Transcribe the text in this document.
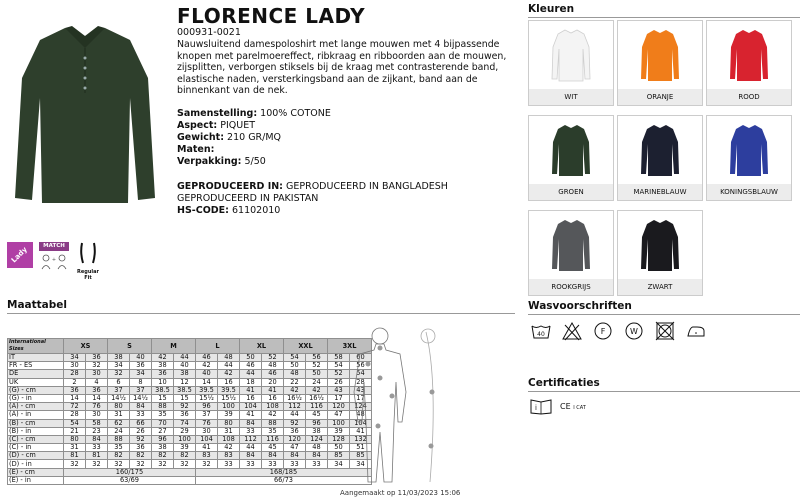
FLORENCE LADY
000931-0021
Nauwsluitend damespoloshirt met lange mouwen met 4 bijpassende knopen met parelmoereffect, ribkraag en ribboorden aan de mouwen, zijsplitten, verborgen stiksels bij de kraag met contrasterende band, elastische naden, versterkingsband aan de zijkant, band aan de binnenkant van de nek.
Samenstelling: 100% COTONE
Aspect: PIQUET
Gewicht: 210 GR/MQ
Maten:
Verpakking: 5/50
GEPRODUCEERD IN: GEPRODUCEERD IN BANGLADESH GEPRODUCEERD IN PAKISTAN
HS-CODE: 61102010
Lady	MATCH
+
Regular Fit
Kleuren
WIT	ORANJE	ROOD
GROEN	MARINEBLAUW	KONINGSBLAUW
ROOKGRIJS	ZWART
Maattabel
International Sizes	XS		S		M		L		XL		XXL		3XL	
IT	34	36	38	40	42	44	46	48	50	52	54	56	58	60
FR - ES	30	32	34	36	38	40	42	44	46	48	50	52	54	56
DE	28	30	32	34	36	38	40	42	44	46	48	50	52	54
UK	2	4	6	8	10	12	14	16	18	20	22	24	26	28
(G) - cm	36	36	37	37	38.5	38.5	39.5	39.5	41	41	42	42	43	43
(G) - in	14	14	14½	14½	15	15	15½	15½	16	16	16½	16½	17	17
(A) - cm	72	76	80	84	88	92	96	100	104	108	112	116	120	124
(A) - in	28	30	31	33	35	36	37	39	41	42	44	45	47	48
(B) - cm	54	58	62	66	70	74	76	80	84	88	92	96	100	104
(B) - in	21	23	24	26	27	29	30	31	33	35	36	38	39	41
(C) - cm	80	84	88	92	96	100	104	108	112	116	120	124	128	132
(C) - in	31	33	35	36	38	39	41	42	44	45	47	48	50	51
(D) - cm	81	81	82	82	82	82	83	83	84	84	84	84	85	85
(D) - in	32	32	32	32	32	32	32	33	33	33	33	33	34	34
(E) - cm	160/175						168/185							
(E) - in	63/69						66/73							
Wasvoorschriften
40	F	W
Certificaties
i	CE I CAT
Aangemaakt op 11/03/2023 15:06
